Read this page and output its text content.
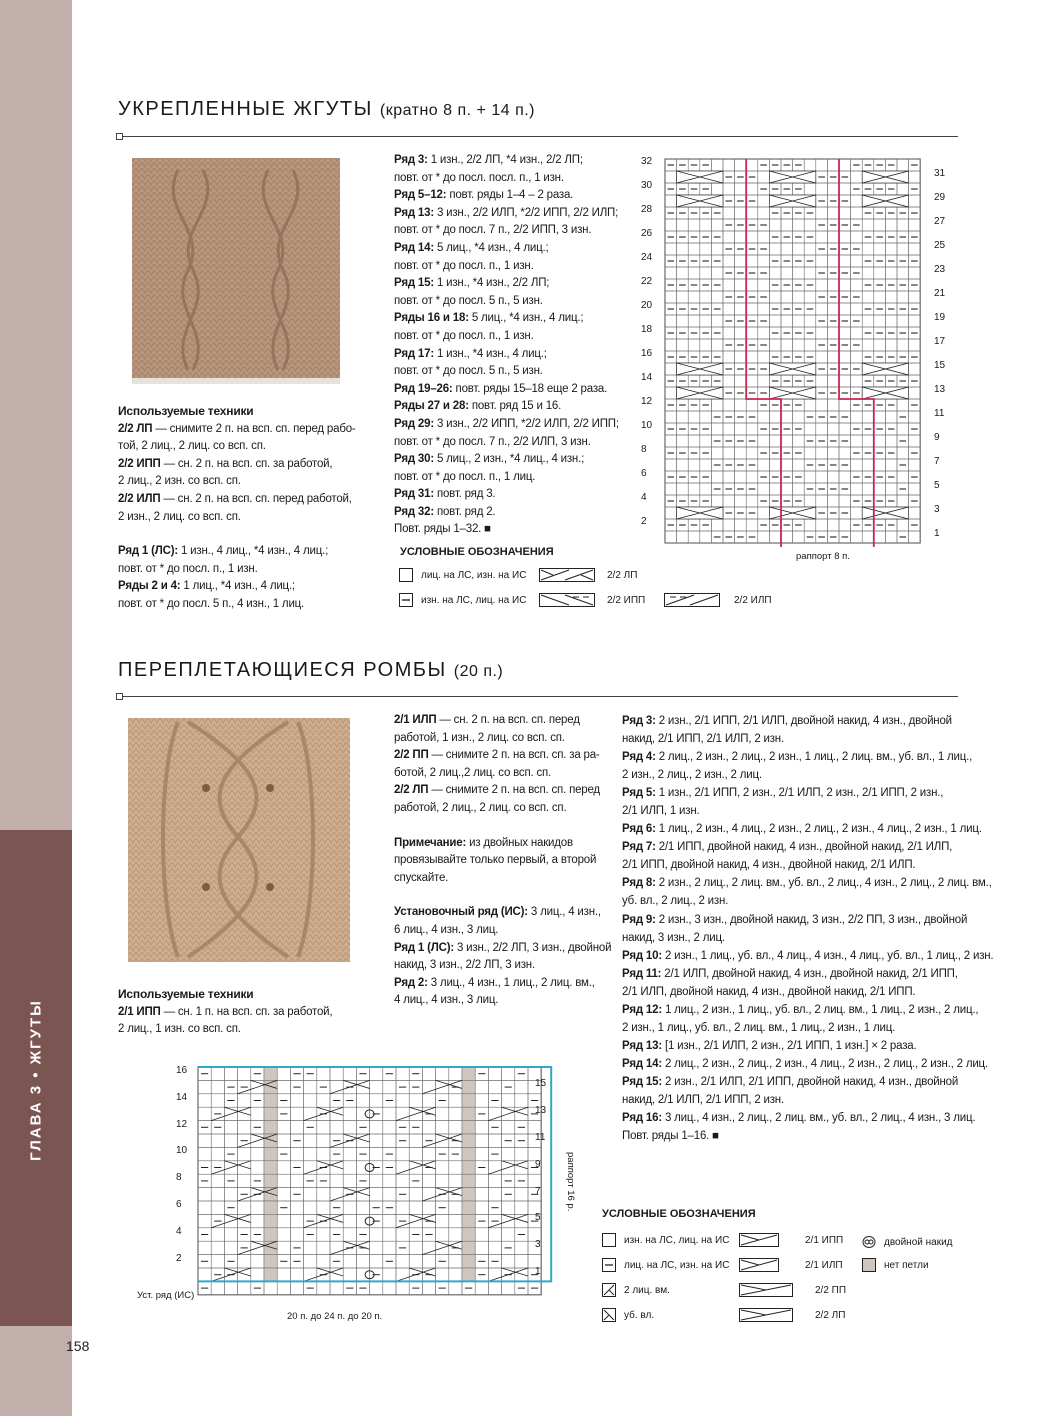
ГЛАВА 3 • ЖГУТЫ
158
УКРЕПЛЕННЫЕ ЖГУТЫ (кратно 8 п. + 14 п.)

Используемые техники

2/2 ЛП — снимите 2 п. на всп. сп. перед рабо-

той, 2 лиц., 2 лиц. со всп. сп.

2/2 ИПП — сн. 2 п. на всп. сп. за работой,

2 лиц., 2 изн. со всп. сп.

2/2 ИЛП — сн. 2 п. на всп. сп. перед работой,

2 изн., 2 лиц. со всп. сп.

Ряд 1 (ЛС): 1 изн., 4 лиц., *4 изн., 4 лиц.;

повт. от * до посл. п., 1 изн.

Ряды 2 и 4: 1 лиц., *4 изн., 4 лиц.;

повт. от * до посл. 5 п., 4 изн., 1 лиц.

Ряд 3: 1 изн., 2/2 ЛП, *4 изн., 2/2 ЛП;

повт. от * до посл. посл. п., 1 изн.

Ряд 5–12: повт. ряды 1–4 – 2 раза.

Ряд 13: 3 изн., 2/2 ИЛП, *2/2 ИПП, 2/2 ИЛП;

повт. от * до посл. 7 п., 2/2 ИПП, 3 изн.

Ряд 14: 5 лиц., *4 изн., 4 лиц.;

повт. от * до посл. п., 1 изн.

Ряд 15: 1 изн., *4 изн., 2/2 ЛП;

повт. от * до посл. 5 п., 5 изн.

Ряды 16 и 18: 5 лиц., *4 изн., 4 лиц.;

повт. от * до посл. п., 1 изн.

Ряд 17: 1 изн., *4 изн., 4 лиц.;

повт. от * до посл. 5 п., 5 изн.

Ряд 19–26: повт. ряды 15–18 еще 2 раза.

Ряды 27 и 28: повт. ряд 15 и 16.

Ряд 29: 3 изн., 2/2 ИПП, *2/2 ИЛП, 2/2 ИПП;

повт. от * до посл. 7 п., 2/2 ИЛП, 3 изн.

Ряд 30: 5 лиц., 2 изн., *4 лиц., 4 изн.;

повт. от * до посл. п., 1 лиц.

Ряд 31: повт. ряд 3.

Ряд 32: повт. ряд 2.

Повт. ряды 1–32. ■

УСЛОВНЫЕ ОБОЗНАЧЕНИЯ
лиц. на ЛС, изн. на ИС
изн. на ЛС, лиц. на ИС
2/2 ЛП
2/2 ИПП	2/2 ИЛП
32
30
28
26
24
22
20
18
16
14
12
10
8
6
4
2
31
29
27
25
23
21
19
17
15
13
11
9
7
5
3
1
раппорт 8 п.
ПЕРЕПЛЕТАЮЩИЕСЯ РОМБЫ (20 п.)

Используемые техники

2/1 ИПП — сн. 1 п. на всп. сп. за работой,

2 лиц., 1 изн. со всп. сп.

2/1 ИЛП — сн. 2 п. на всп. сп. перед

работой, 1 изн., 2 лиц. со всп. сп.

2/2 ПП — снимите 2 п. на всп. сп. за ра-

ботой, 2 лиц.,2 лиц. со всп. сп.

2/2 ЛП — снимите 2 п. на всп. сп. перед

работой, 2 лиц., 2 лиц. со всп. сп.

Примечание: из двойных накидов

провязывайте только первый, а второй

спускайте.

Установочный ряд (ИС): 3 лиц., 4 изн.,

6 лиц., 4 изн., 3 лиц.

Ряд 1 (ЛС): 3 изн., 2/2 ЛП, 3 изн., двойной

накид, 3 изн., 2/2 ЛП, 3 изн.

Ряд 2: 3 лиц., 4 изн., 1 лиц., 2 лиц. вм.,

4 лиц., 4 изн., 3 лиц.

Ряд 3: 2 изн., 2/1 ИПП, 2/1 ИЛП, двойной накид, 4 изн., двойной

накид, 2/1 ИПП, 2/1 ИЛП, 2 изн.

Ряд 4: 2 лиц., 2 изн., 2 лиц., 2 изн., 1 лиц., 2 лиц. вм., уб. вл., 1 лиц.,

2 изн., 2 лиц., 2 изн., 2 лиц.

Ряд 5: 1 изн., 2/1 ИПП, 2 изн., 2/1 ИЛП, 2 изн., 2/1 ИПП, 2 изн.,

2/1 ИЛП, 1 изн.

Ряд 6: 1 лиц., 2 изн., 4 лиц., 2 изн., 2 лиц., 2 изн., 4 лиц., 2 изн., 1 лиц.

Ряд 7: 2/1 ИПП, двойной накид, 4 изн., двойной накид, 2/1 ИЛП,

2/1 ИПП, двойной накид, 4 изн., двойной накид, 2/1 ИЛП.

Ряд 8: 2 изн., 2 лиц., 2 лиц. вм., уб. вл., 2 лиц., 4 изн., 2 лиц., 2 лиц. вм.,

уб. вл., 2 лиц., 2 изн.

Ряд 9: 2 изн., 3 изн., двойной накид, 3 изн., 2/2 ПП, 3 изн., двойной

накид, 3 изн., 2 лиц.

Ряд 10: 2 изн., 1 лиц., уб. вл., 4 лиц., 4 изн., 4 лиц., уб. вл., 1 лиц., 2 изн.

Ряд 11: 2/1 ИЛП, двойной накид, 4 изн., двойной накид, 2/1 ИПП,

2/1 ИЛП, двойной накид, 4 изн., двойной накид, 2/1 ИПП.

Ряд 12: 1 лиц., 2 изн., 1 лиц., уб. вл., 2 лиц. вм., 1 лиц., 2 изн., 2 лиц.,

2 изн., 1 лиц., уб. вл., 2 лиц. вм., 1 лиц., 2 изн., 1 лиц.

Ряд 13: [1 изн., 2/1 ИЛП, 2 изн., 2/1 ИПП, 1 изн.] × 2 раза.

Ряд 14: 2 лиц., 2 изн., 2 лиц., 2 изн., 4 лиц., 2 изн., 2 лиц., 2 изн., 2 лиц.

Ряд 15: 2 изн., 2/1 ИЛП, 2/1 ИПП, двойной накид, 4 изн., двойной

накид, 2/1 ИЛП, 2/1 ИПП, 2 изн.

Ряд 16: 3 лиц., 4 изн., 2 лиц., 2 лиц. вм., уб. вл., 2 лиц., 4 изн., 3 лиц.

Повт. ряды 1–16. ■

16
14
12
10
8
6
4
2
15
13
11
9
7
5
3
1
Уст. ряд (ИС)
20 п. до 24 п. до 20 п.
раппорт 16 р.
УСЛОВНЫЕ ОБОЗНАЧЕНИЯ
изн. на ЛС, лиц. на ИС
лиц. на ЛС, изн. на ИС
2 лиц. вм.
уб. вл.
2/1 ИПП
2/1 ИЛП
2/2 ПП
2/2 ЛП
двойной накид
нет петли
